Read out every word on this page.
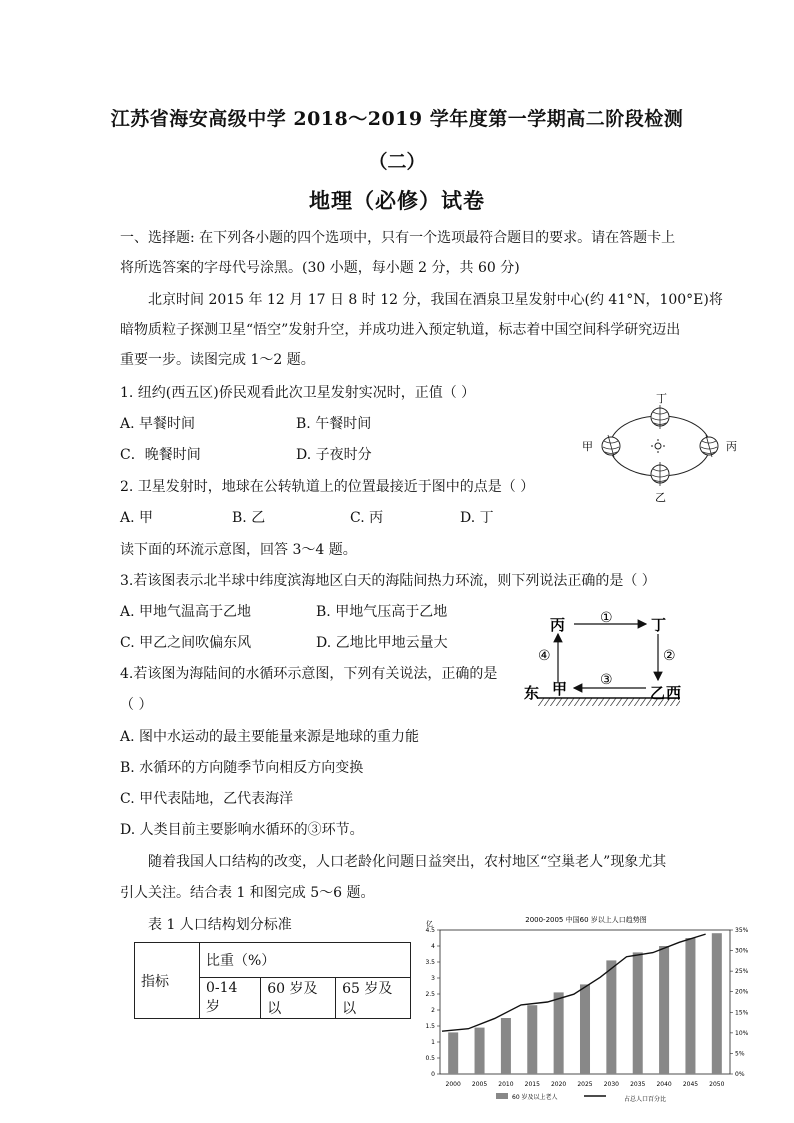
江苏省海安高级中学 2018～2019 学年度第一学期高二阶段检测
（二）
地理（必修）试卷
一、选择题: 在下列各小题的四个选项中，只有一个选项最符合题目的要求。请在答题卡上
将所选答案的字母代号涂黑。(30 小题，每小题 2 分，共 60 分)
北京时间 2015 年 12 月 17 日 8 时 12 分，我国在酒泉卫星发射中心(约 41°N，100°E)将
暗物质粒子探测卫星“悟空”发射升空，并成功进入预定轨道，标志着中国空间科学研究迈出
重要一步。读图完成 1～2 题。
1. 纽约(西五区)侨民观看此次卫星发射实况时，正值（ ）
A. 早餐时间	B. 午餐时间
C．晚餐时间	D. 子夜时分
2. 卫星发射时，地球在公转轨道上的位置最接近于图中的点是（ ）
A. 甲	B. 乙	C. 丙	D. 丁
丁
乙
甲	丙
读下面的环流示意图，回答 3～4 题。
3.若该图表示北半球中纬度滨海地区白天的海陆间热力环流，则下列说法正确的是（ ）
A. 甲地气温高于乙地	B. 甲地气压高于乙地
C. 甲乙之间吹偏东风	D. 乙地比甲地云量大
4.若该图为海陆间的水循环示意图，下列有关说法，正确的是
（ ）
A. 图中水运动的最主要能量来源是地球的重力能
B. 水循环的方向随季节向相反方向变换
C. 甲代表陆地，乙代表海洋
D. 人类目前主要影响水循环的③环节。
丙	丁
甲	乙
东	西
①
②
③
④
随着我国人口结构的改变，人口老龄化问题日益突出，农村地区“空巢老人”现象尤其
引人关注。结合表 1 和图完成 5～6 题。
表 1 人口结构划分标准
指标	比重（%）		
	0-14 岁	60 岁及以	65 岁及以
2000-2005 中国60 岁以上人口趋势图
亿
0
0.5
1
1.5
2
2.5
3
3.5
4
4.5
0%
5%
10%
15%
20%
25%
30%
35%
2000 2005 2010 2015 2020 2025 2030 2035 2040 2045 2050
60 岁及以上老人	占总人口百分比
